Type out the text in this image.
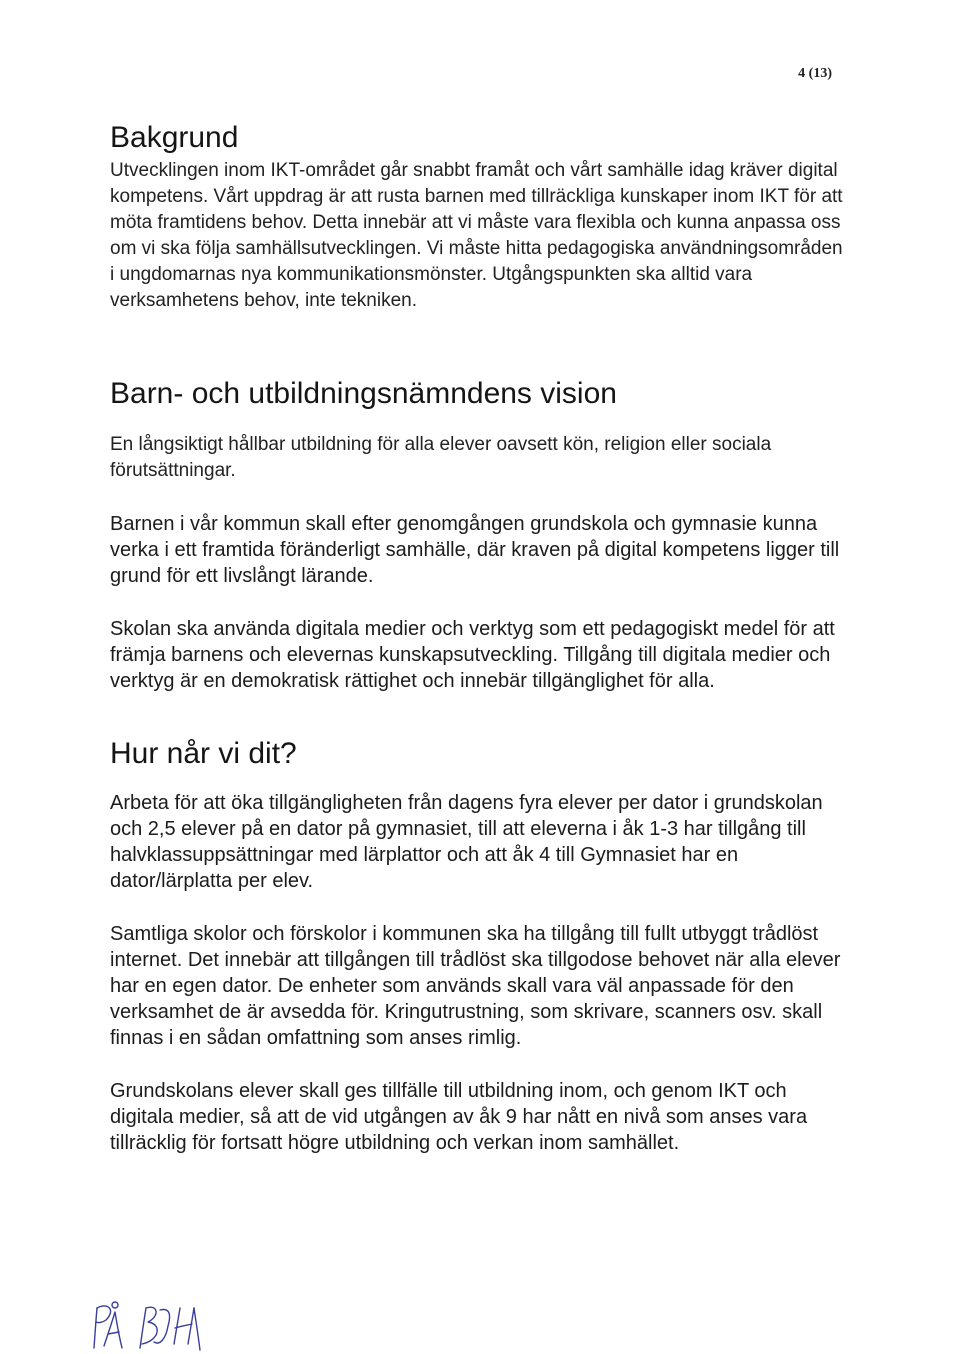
4 (13)
Bakgrund

Utvecklingen inom IKT-området går snabbt framåt och vårt samhälle idag kräver digital kompetens. Vårt uppdrag är att rusta barnen med tillräckliga kunskaper inom IKT för att möta framtidens behov. Detta innebär att vi måste vara flexibla och kunna anpassa oss om vi ska följa samhällsutvecklingen. Vi måste hitta pedagogiska användningsområden i ungdomarnas nya kommunikationsmönster. Utgångspunkten ska alltid vara verksamhetens behov, inte tekniken.

Barn- och utbildningsnämndens vision

En långsiktigt hållbar utbildning för alla elever oavsett kön, religion eller sociala förutsättningar.

Barnen i vår kommun skall efter genomgången grundskola och gymnasie kunna verka i ett framtida föränderligt samhälle, där kraven på digital kompetens ligger till grund för ett livslångt lärande.

Skolan ska använda digitala medier och verktyg som ett pedagogiskt medel för att främja barnens och elevernas kunskapsutveckling. Tillgång till digitala medier och verktyg är en demokratisk rättighet och innebär tillgänglighet för alla.

Hur når vi dit?

Arbeta för att öka tillgängligheten från dagens fyra elever per dator i grundskolan och 2,5 elever på en dator på gymnasiet, till att eleverna i åk 1-3 har tillgång till halvklassuppsättningar med lärplattor och att åk 4 till Gymnasiet har en dator/lärplatta per elev.

Samtliga skolor och förskolor i kommunen ska ha tillgång till fullt utbyggt trådlöst internet. Det innebär att tillgången till trådlöst ska tillgodose behovet när alla elever har en egen dator. De enheter som används skall vara väl anpassade för den verksamhet de är avsedda för. Kringutrustning, som skrivare, scanners osv. skall finnas i en sådan omfattning som anses rimlig.

Grundskolans elever skall ges tillfälle till utbildning inom, och genom IKT och digitala medier, så att de vid utgången av åk 9 har nått en nivå som anses vara tillräcklig för fortsatt högre utbildning och verkan inom samhället.
